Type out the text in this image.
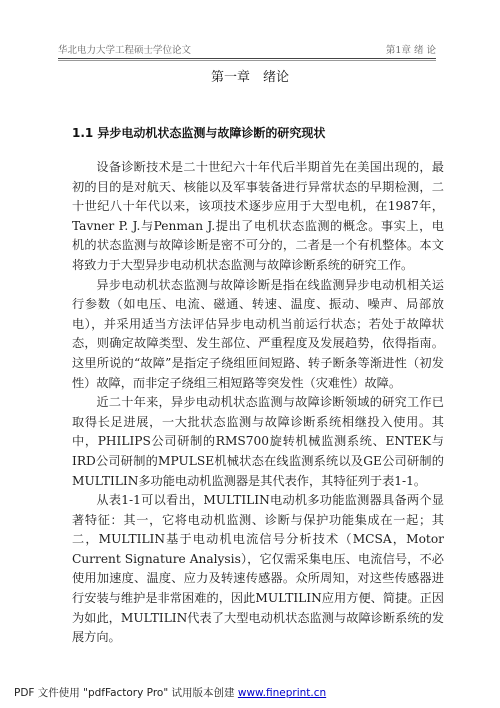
华北电力大学工程硕士学位论文	第1章 绪 论
第一章　绪论
1.1 异步电动机状态监测与故障诊断的研究现状

设备诊断技术是二十世纪六十年代后半期首先在美国出现的，最初的目的是对航天、核能以及军事装备进行异常状态的早期检测，二十世纪八十年代以来，该项技术逐步应用于大型电机，在1987年，Tavner P. J.与Penman J.提出了电机状态监测的概念。事实上，电机的状态监测与故障诊断是密不可分的，二者是一个有机整体。本文将致力于大型异步电动机状态监测与故障诊断系统的研究工作。

异步电动机状态监测与故障诊断是指在线监测异步电动机相关运行参数（如电压、电流、磁通、转速、温度、振动、噪声、局部放电），并采用适当方法评估异步电动机当前运行状态；若处于故障状态，则确定故障类型、发生部位、严重程度及发展趋势，依得指南。这里所说的“故障”是指定子绕组匝间短路、转子断条等渐进性（初发性）故障，而非定子绕组三相短路等突发性（灾难性）故障。

近二十年来，异步电动机状态监测与故障诊断领域的研究工作已取得长足进展，一大批状态监测与故障诊断系统相继投入使用。其中，PHILIPS公司研制的RMS700旋转机械监测系统、ENTEK与IRD公司研制的MPULSE机械状态在线监测系统以及GE公司研制的MULTILIN多功能电动机监测器是其代表作，其特征列于表1-1。

从表1-1可以看出，MULTILIN电动机多功能监测器具备两个显著特征：其一，它将电动机监测、诊断与保护功能集成在一起；其二，MULTILIN基于电动机电流信号分析技术（MCSA，Motor Current Signature Analysis），它仅需采集电压、电流信号，不必使用加速度、温度、应力及转速传感器。众所周知，对这些传感器进行安装与维护是非常困难的，因此MULTILIN应用方便、简捷。正因为如此，MULTILIN代表了大型电动机状态监测与故障诊断系统的发展方向。

PDF 文件使用 "pdfFactory Pro" 试用版本创建 www.fineprint.cn
